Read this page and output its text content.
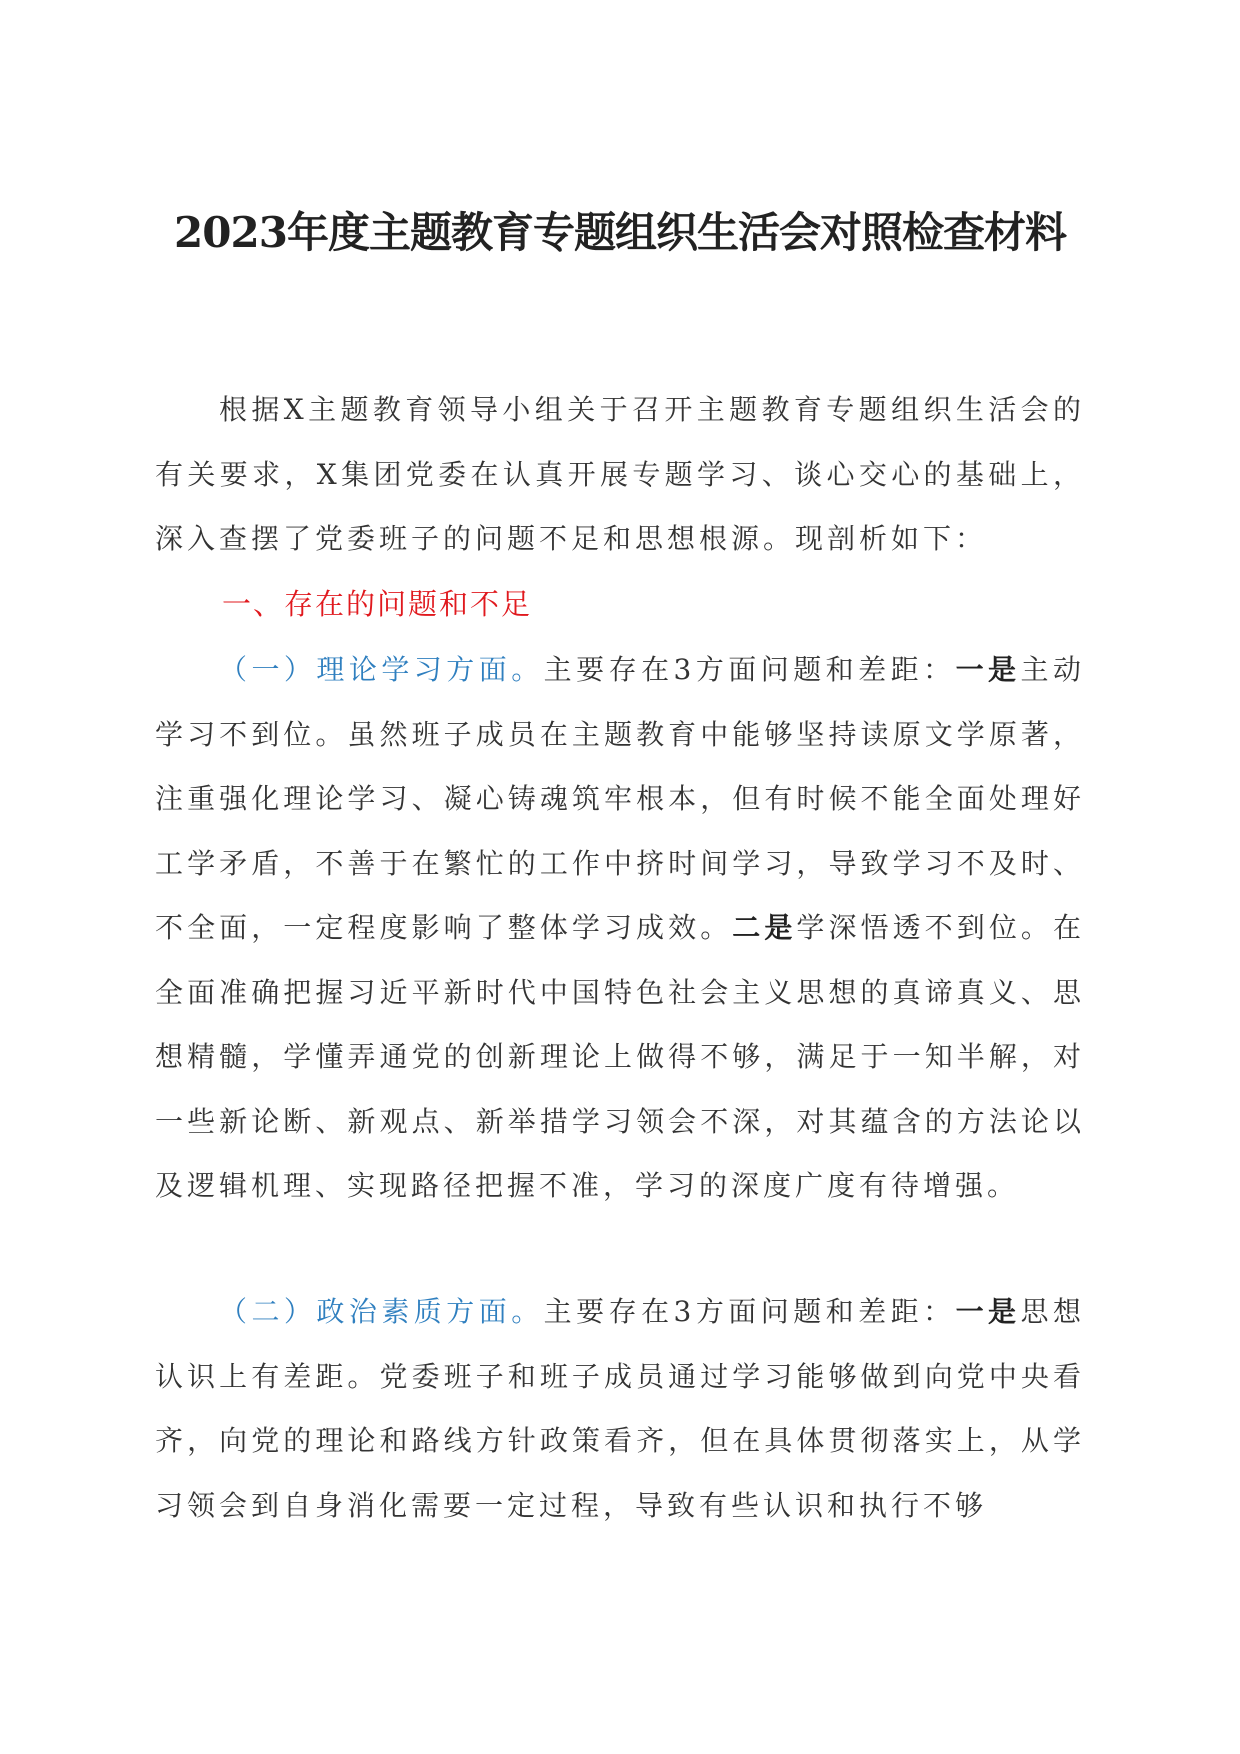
2023年度主题教育专题组织生活会对照检查材料

根据X主题教育领导小组关于召开主题教育专题组织生活会的有关要求，X集团党委在认真开展专题学习、谈心交心的基础上，深入查摆了党委班子的问题不足和思想根源。现剖析如下：

一、存在的问题和不足

（一）理论学习方面。主要存在3方面问题和差距：一是主动学习不到位。虽然班子成员在主题教育中能够坚持读原文学原著，注重强化理论学习、凝心铸魂筑牢根本，但有时候不能全面处理好工学矛盾，不善于在繁忙的工作中挤时间学习，导致学习不及时、不全面，一定程度影响了整体学习成效。二是学深悟透不到位。在全面准确把握习近平新时代中国特色社会主义思想的真谛真义、思想精髓，学懂弄通党的创新理论上做得不够，满足于一知半解，对一些新论断、新观点、新举措学习领会不深，对其蕴含的方法论以及逻辑机理、实现路径把握不准，学习的深度广度有待增强。

（二）政治素质方面。主要存在3方面问题和差距：一是思想认识上有差距。党委班子和班子成员通过学习能够做到向党中央看齐，向党的理论和路线方针政策看齐，但在具体贯彻落实上，从学习领会到自身消化需要一定过程，导致有些认识和执行不够
